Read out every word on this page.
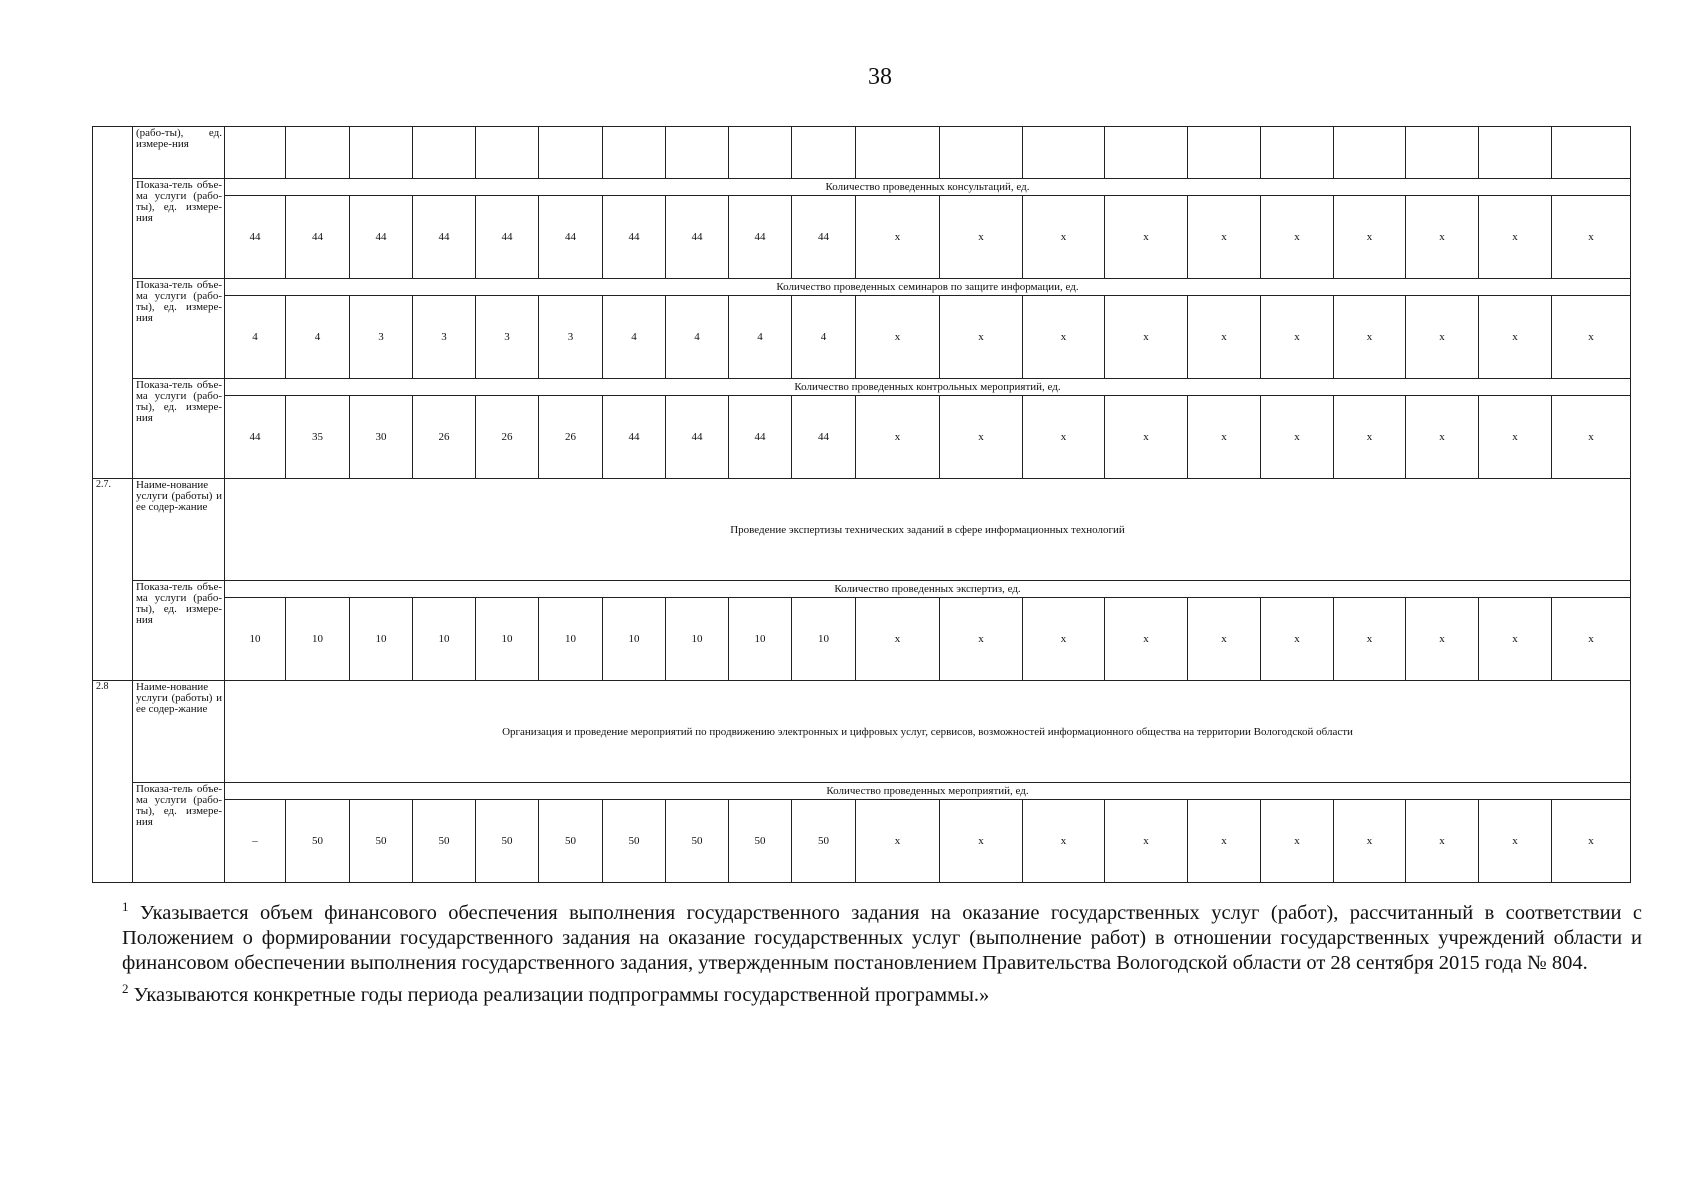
38
	(рабо-ты), ед. измере-ния																				
	Показа-тель объе-ма услуги (рабо-ты), ед. измере-ния	Количество проведенных консультаций, ед.																			
		44	44	44	44	44	44	44	44	44	44	x	x	x	x	x	x	x	x	x	x
	Показа-тель объе-ма услуги (рабо-ты), ед. измере-ния	Количество проведенных семинаров по защите информации, ед.																			
		4	4	3	3	3	3	4	4	4	4	x	x	x	x	x	x	x	x	x	x
	Показа-тель объе-ма услуги (рабо-ты), ед. измере-ния	Количество проведенных контрольных мероприятий, ед.																			
		44	35	30	26	26	26	44	44	44	44	x	x	x	x	x	x	x	x	x	x
2.7.	Наиме-нование услуги (работы) и ее содер-жание	Проведение экспертизы технических заданий в сфере информационных технологий																			
	Показа-тель объе-ма услуги (рабо-ты), ед. измере-ния	Количество проведенных экспертиз, ед.																			
		10	10	10	10	10	10	10	10	10	10	x	x	x	x	x	x	x	x	x	x
2.8	Наиме-нование услуги (работы) и ее содер-жание	Организация и проведение мероприятий по продвижению электронных и цифровых услуг, сервисов, возможностей информационного общества на территории Вологодской области																			
	Показа-тель объе-ма услуги (рабо-ты), ед. измере-ния	Количество проведенных мероприятий, ед.																			
		–	50	50	50	50	50	50	50	50	50	x	x	x	x	x	x	x	x	x	x

$^1$ Указывается объем финансового обеспечения выполнения государственного задания на оказание государственных услуг (работ), рассчитанный в соответствии с Положением о формировании государственного задания на оказание государственных услуг (выполнение работ) в отношении государственных учреждений области и финансовом обеспечении выполнения государственного задания, утвержденным постановлением Правительства Вологодской области от 28 сентября 2015 года № 804.

$^2$ Указываются конкретные годы периода реализации подпрограммы государственной программы.»
